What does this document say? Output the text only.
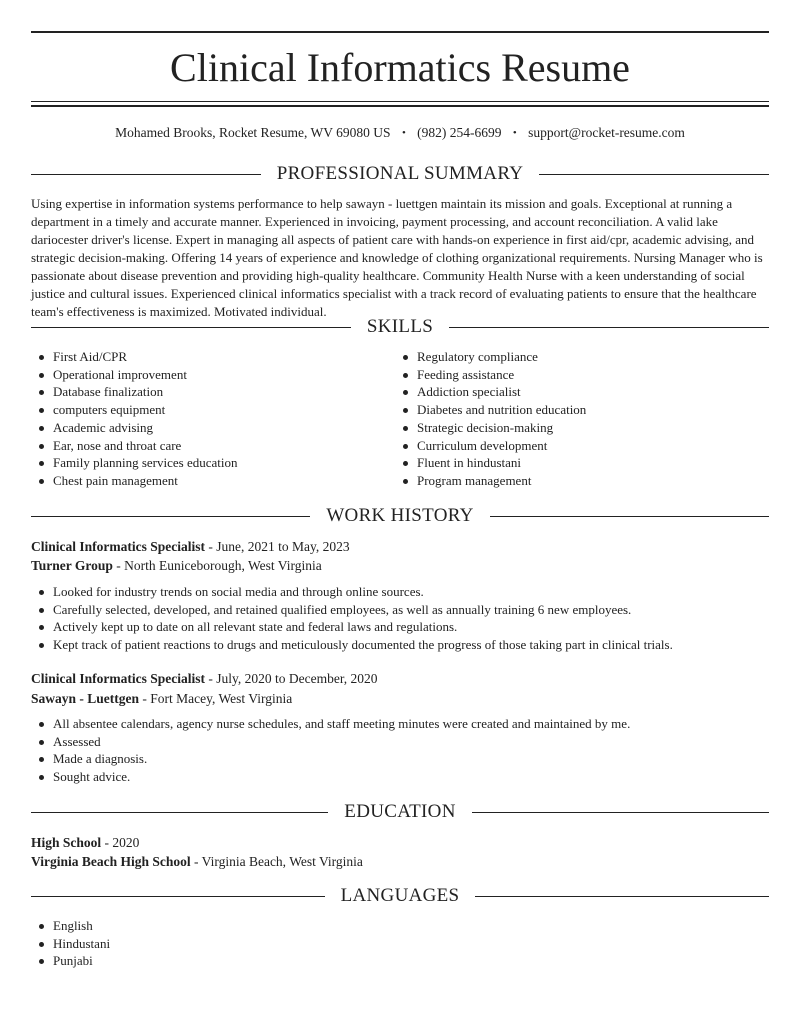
Clinical Informatics Resume
Mohamed Brooks, Rocket Resume, WV 69080 US • (982) 254-6699 • support@rocket-resume.com
PROFESSIONAL SUMMARY

Using expertise in information systems performance to help sawayn - luettgen maintain its mission and goals. Exceptional at running a department in a timely and accurate manner. Experienced in invoicing, payment processing, and account reconciliation. A valid lake dariocester driver's license. Expert in managing all aspects of patient care with hands-on experience in first aid/cpr, academic advising, and strategic decision-making. Offering 14 years of experience and knowledge of clothing organizational requirements. Nursing Manager who is passionate about disease prevention and providing high-quality healthcare. Community Health Nurse with a keen understanding of social justice and cultural issues. Experienced clinical informatics specialist with a track record of evaluating patients to ensure that the healthcare team's effectiveness is maximized. Motivated individual.

SKILLS
First Aid/CPR
Operational improvement
Database finalization
computers equipment
Academic advising
Ear, nose and throat care
Family planning services education
Chest pain management
Regulatory compliance
Feeding assistance
Addiction specialist
Diabetes and nutrition education
Strategic decision-making
Curriculum development
Fluent in hindustani
Program management
WORK HISTORY
Clinical Informatics Specialist - June, 2021 to May, 2023
Turner Group - North Euniceborough, West Virginia
Looked for industry trends on social media and through online sources.
Carefully selected, developed, and retained qualified employees, as well as annually training 6 new employees.
Actively kept up to date on all relevant state and federal laws and regulations.
Kept track of patient reactions to drugs and meticulously documented the progress of those taking part in clinical trials.
Clinical Informatics Specialist - July, 2020 to December, 2020
Sawayn - Luettgen - Fort Macey, West Virginia
All absentee calendars, agency nurse schedules, and staff meeting minutes were created and maintained by me.
Assessed
Made a diagnosis.
Sought advice.
EDUCATION
High School - 2020
Virginia Beach High School - Virginia Beach, West Virginia
LANGUAGES
English
Hindustani
Punjabi
